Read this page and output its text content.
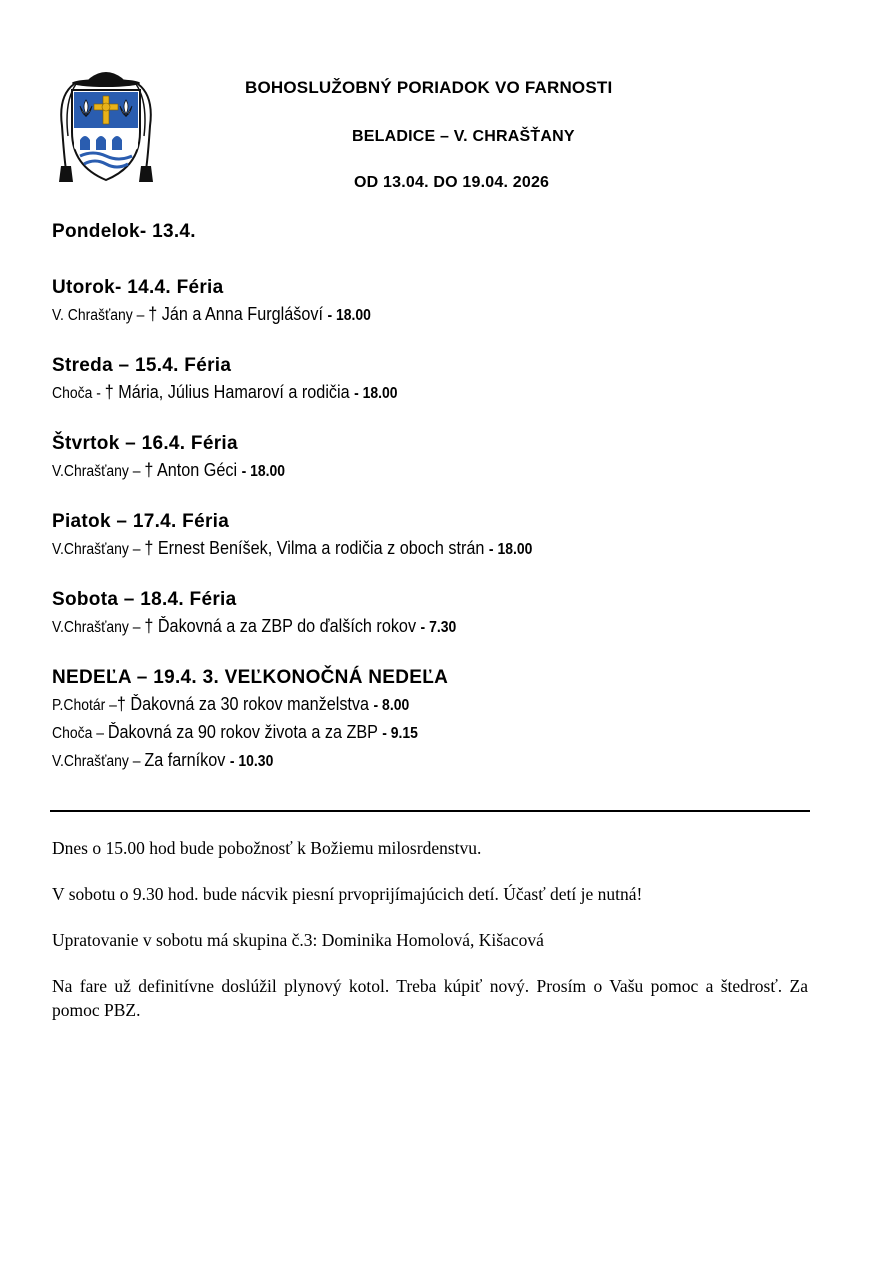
BOHOSLUŽOBNÝ PORIADOK VO FARNOSTI
BELADICE – V. CHRAŠŤANY
OD 13.04. DO 19.04. 2026
Pondelok- 13.4.
Utorok- 14.4. Féria
V. Chrašťany – † Ján a Anna Furglášoví - 18.00
Streda – 15.4. Féria
Choča - † Mária, Július Hamaroví a rodičia - 18.00
Štvrtok – 16.4. Féria
V.Chrašťany – † Anton Géci - 18.00
Piatok – 17.4. Féria
V.Chrašťany – † Ernest Beníšek, Vilma a rodičia z oboch strán - 18.00
Sobota – 18.4. Féria
V.Chrašťany – † Ďakovná a za ZBP do ďalších rokov - 7.30
NEDEĽA – 19.4. 3. VEĽKONOČNÁ NEDEĽA
P.Chotár –† Ďakovná za 30 rokov manželstva - 8.00
Choča – Ďakovná za 90 rokov života a za ZBP - 9.15
V.Chrašťany – Za farníkov - 10.30

Dnes o 15.00 hod bude pobožnosť k Božiemu milosrdenstvu.

V sobotu o 9.30 hod. bude nácvik piesní prvoprijímajúcich detí. Účasť detí je nutná!

Upratovanie v sobotu má skupina č.3: Dominika Homolová, Kišacová

Na fare už definitívne doslúžil plynový kotol. Treba kúpiť nový. Prosím o Vašu pomoc a štedrosť. Za pomoc PBZ.
